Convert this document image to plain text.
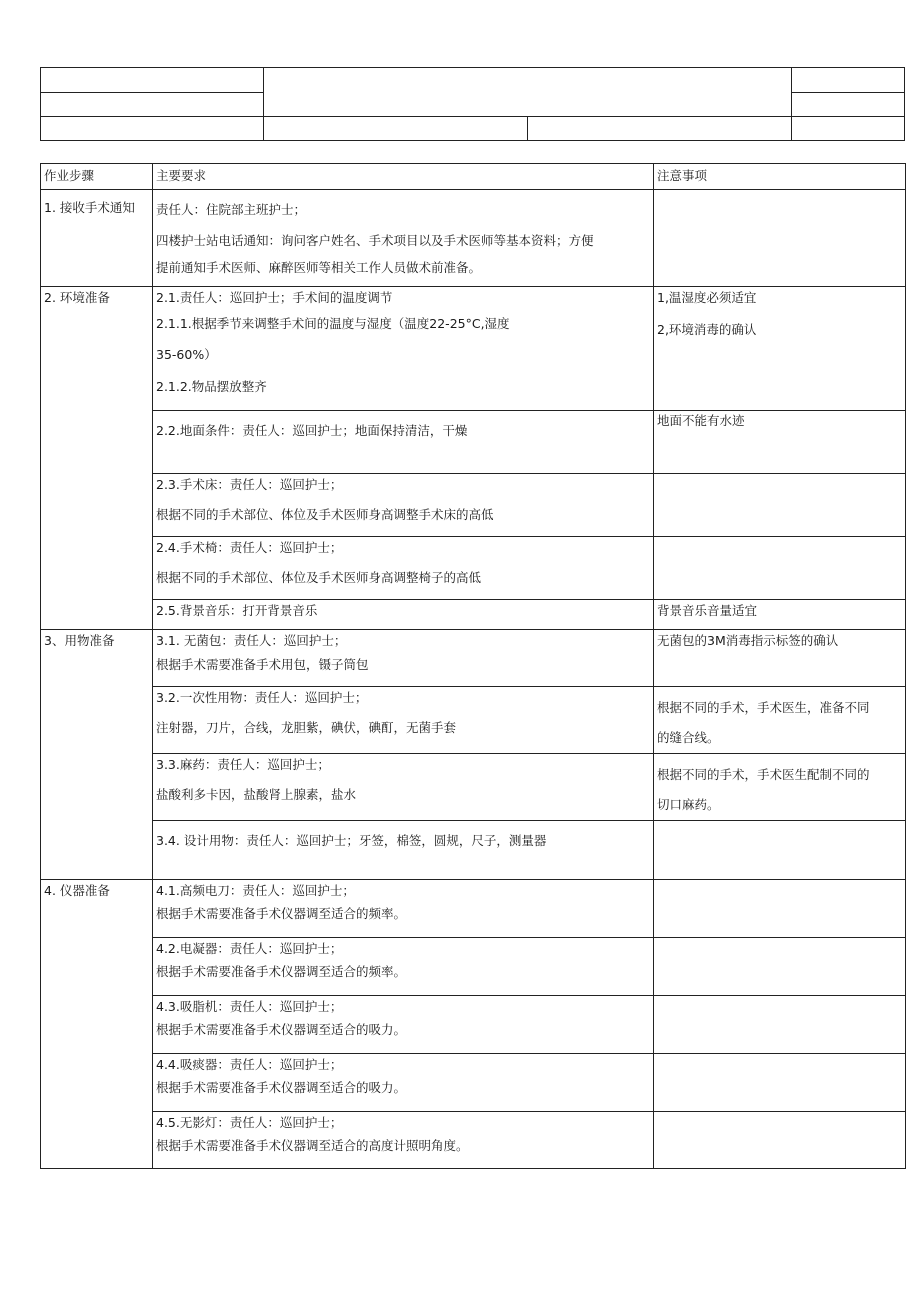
作业步骤	主要要求	注意事项

1. 接收手术通知	责任人：住院部主班护士；
四楼护士站电话通知：询问客户姓名、手术项目以及手术医师等基本资料；方便
提前通知手术医师、麻醉医师等相关工作人员做术前准备。	

2. 环境准备	2.1.责任人：巡回护士；手术间的温度调节
2.1.1.根据季节来调整手术间的温度与湿度（温度22-25°C,湿度
35-60%）
2.1.2.物品摆放整齐	1,温湿度必须适宜
2,环境消毒的确认

	2.2.地面条件：责任人：巡回护士；地面保持清洁，干燥	地面不能有水迹

	2.3.手术床：责任人：巡回护士；
根据不同的手术部位、体位及手术医师身高调整手术床的高低	

	2.4.手术椅：责任人：巡回护士；
根据不同的手术部位、体位及手术医师身高调整椅子的高低	

	2.5.背景音乐：打开背景音乐	背景音乐音量适宜

3、用物准备	3.1. 无菌包：责任人：巡回护士；
根据手术需要准备手术用包，镊子筒包	无菌包的3M消毒指示标签的确认

	3.2.一次性用物：责任人：巡回护士；
注射器，刀片，合线，龙胆紫，碘伏，碘酊，无菌手套	根据不同的手术，手术医生，准备不同
的缝合线。

	3.3.麻药：责任人：巡回护士；
盐酸利多卡因，盐酸肾上腺素，盐水	根据不同的手术，手术医生配制不同的
切口麻药。

	3.4. 设计用物：责任人：巡回护士；牙签，棉签，圆规，尺子，测量器	

4. 仪器准备	4.1.高频电刀：责任人：巡回护士；
根据手术需要准备手术仪器调至适合的频率。	

	4.2.电凝器：责任人：巡回护士；
根据手术需要准备手术仪器调至适合的频率。	

	4.3.吸脂机：责任人：巡回护士；
根据手术需要准备手术仪器调至适合的吸力。	

	4.4.吸痰器：责任人：巡回护士；
根据手术需要准备手术仪器调至适合的吸力。	

	4.5.无影灯：责任人：巡回护士；
根据手术需要准备手术仪器调至适合的高度计照明角度。	
